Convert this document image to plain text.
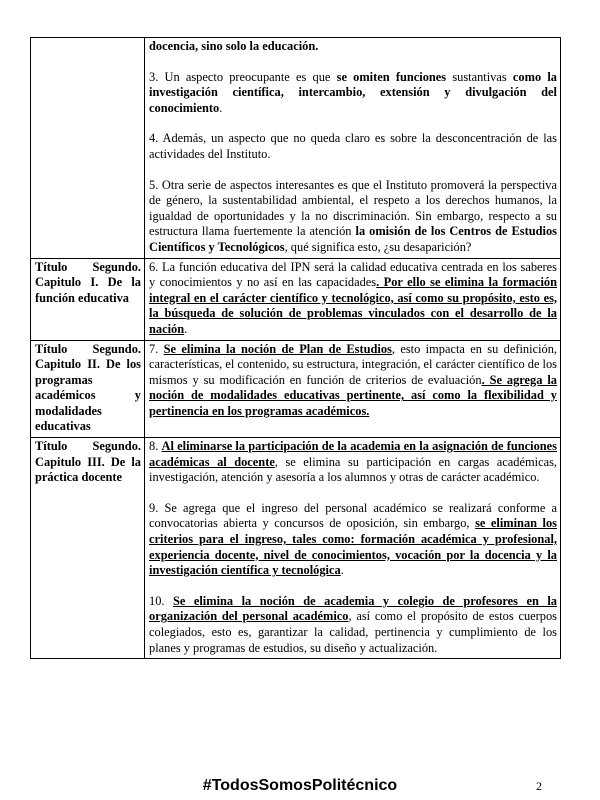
	docencia, sino solo la educación.

3. Un aspecto preocupante es que se omiten funciones sustantivas como la investigación científica, intercambio, extensión y divulgación del conocimiento.

4. Además, un aspecto que no queda claro es sobre la desconcentración de las actividades del Instituto.

5. Otra serie de aspectos interesantes es que el Instituto promoverá la perspectiva de género, la sustentabilidad ambiental, el respeto a los derechos humanos, la igualdad de oportunidades y la no discriminación. Sin embargo, respecto a su estructura llama fuertemente la atención la omisión de los Centros de Estudios Científicos y Tecnológicos, qué significa esto, ¿su desaparición?

Título Segundo. Capitulo I. De la función educativa	6. La función educativa del IPN será la calidad educativa centrada en los saberes y conocimientos y no así en las capacidades. Por ello se elimina la formación integral en el carácter científico y tecnológico, así como su propósito, esto es, la búsqueda de solución de problemas vinculados con el desarrollo de la nación.

Título Segundo. Capitulo II. De los programas académicos y modalidades educativas	7. Se elimina la noción de Plan de Estudios, esto impacta en su definición, características, el contenido, su estructura, integración, el carácter científico de los mismos y su modificación en función de criterios de evaluación. Se agrega la noción de modalidades educativas pertinente, así como la flexibilidad y pertinencia en los programas académicos.

Título Segundo. Capitulo III. De la práctica docente	8. Al eliminarse la participación de la academia en la asignación de funciones académicas al docente, se elimina su participación en cargas académicas, investigación, atención y asesoría a los alumnos y otras de carácter académico.

9. Se agrega que el ingreso del personal académico se realizará conforme a convocatorias abierta y concursos de oposición, sin embargo, se eliminan los criterios para el ingreso, tales como: formación académica y profesional, experiencia docente, nivel de conocimientos, vocación por la docencia y la investigación científica y tecnológica.

10. Se elimina la noción de academia y colegio de profesores en la organización del personal académico, así como el propósito de estos cuerpos colegiados, esto es, garantizar la calidad, pertinencia y cumplimiento de los planes y programas de estudios, su diseño y actualización.

#TodosSomosPolitécnico	2
